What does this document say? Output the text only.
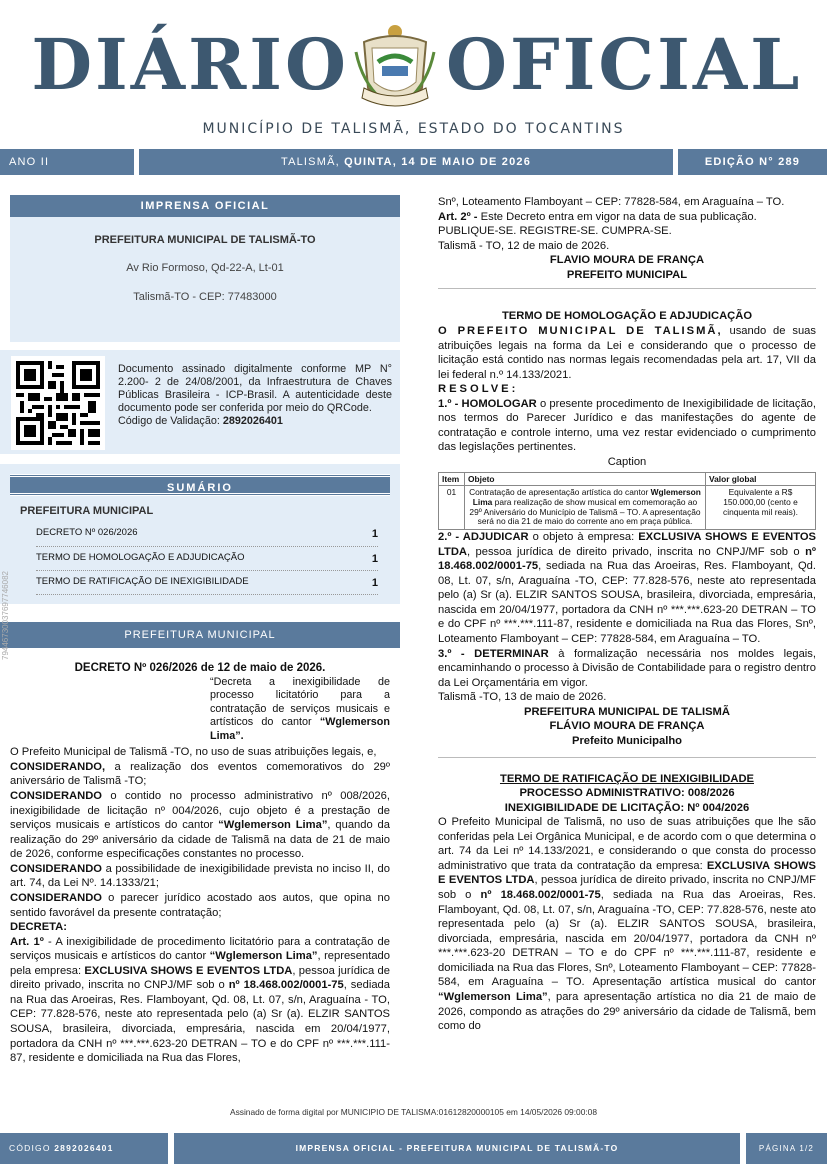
DIÁRIO OFICIAL
MUNICÍPIO DE TALISMÃ, ESTADO DO TOCANTINS
ANO II	TALISMÃ, QUINTA, 14 DE MAIO DE 2026	EDIÇÃO N° 289
IMPRENSA OFICIAL
PREFEITURA MUNICIPAL DE TALISMÃ-TO
Av Rio Formoso, Qd-22-A, Lt-01
Talismã-TO - CEP: 77483000
Documento assinado digitalmente conforme MP N° 2.200- 2 de 24/08/2001, da Infraestrutura de Chaves Públicas Brasileira - ICP-Brasil. A autenticidade deste documento pode ser conferida por meio do QRCode.
Código de Validação: 2892026401
SUMÁRIO
PREFEITURA MUNICIPAL
DECRETO Nº 026/2026	1
TERMO DE HOMOLOGAÇÃO E ADJUDICAÇÃO	1
TERMO DE RATIFICAÇÃO DE INEXIGIBILIDADE	1
PREFEITURA MUNICIPAL
DECRETO Nº 026/2026 de 12 de maio de 2026.
“Decreta a inexigibilidade de processo licitatório para a contratação de serviços musicais e artísticos do cantor “Wglemerson Lima”.

O Prefeito Municipal de Talismã -TO, no uso de suas atribuições legais, e,

CONSIDERANDO, a realização dos eventos comemorativos do 29º aniversário de Talismã -TO;

CONSIDERANDO o contido no processo administrativo nº 008/2026, inexigibilidade de licitação nº 004/2026, cujo objeto é a prestação de serviços musicais e artísticos do cantor “Wglemerson Lima”, quando da realização do 29º aniversário da cidade de Talismã na data de 21 de maio de 2026, conforme especificações constantes no processo.

CONSIDERANDO a possibilidade de inexigibilidade prevista no inciso II, do art. 74, da Lei Nº. 14.1333/21;

CONSIDERANDO o parecer jurídico acostado aos autos, que opina no sentido favorável da presente contratação;

DECRETA:

Art. 1º - A inexigibilidade de procedimento licitatório para a contratação de serviços musicais e artísticos do cantor “Wglemerson Lima”, representado pela empresa: EXCLUSIVA SHOWS E EVENTOS LTDA, pessoa jurídica de direito privado, inscrita no CNPJ/MF sob o nº 18.468.002/0001-75, sediada na Rua das Aroeiras, Res. Flamboyant, Qd. 08, Lt. 07, s/n, Araguaína - TO, CEP: 77.828-576, neste ato representada pelo (a) Sr (a). ELZIR SANTOS SOUSA, brasileira, divorciada, empresária, nascida em 20/04/1977, portadora da CNH nº ***.***.623-20 DETRAN – TO e do CPF nº ***.***.111-87, residente e domiciliada na Rua das Flores,

Snº, Loteamento Flamboyant – CEP: 77828-584, em Araguaína – TO.

Art. 2º - Este Decreto entra em vigor na data de sua publicação.

PUBLIQUE-SE. REGISTRE-SE. CUMPRA-SE.

Talismã - TO, 12 de maio de 2026.

FLAVIO MOURA DE FRANÇA

PREFEITO MUNICIPAL

TERMO DE HOMOLOGAÇÃO E ADJUDICAÇÃO

O PREFEITO MUNICIPAL DE TALISMÃ, usando de suas atribuições legais na forma da Lei e considerando que o processo de licitação está contido nas normas legais recomendadas pela art. 17, VII da lei federal n.º 14.133/2021.

RESOLVE:

1.º - HOMOLOGAR o presente procedimento de Inexigibilidade de licitação, nos termos do Parecer Jurídico e das manifestações do agente de contratação e controle interno, uma vez restar evidenciado o cumprimento das legislações pertinentes.

Caption

Item	Objeto	Valor global
01	Contratação de apresentação artística do cantor Wglemerson Lima para realização de show musical em comemoração ao 29º Aniversário do Município de Talismã – TO. A apresentação será no dia 21 de maio do corrente ano em praça pública.	Equivalente a R$ 150.000,00 (cento e cinquenta mil reais).

2.º - ADJUDICAR o objeto à empresa: EXCLUSIVA SHOWS E EVENTOS LTDA, pessoa jurídica de direito privado, inscrita no CNPJ/MF sob o nº 18.468.002/0001-75, sediada na Rua das Aroeiras, Res. Flamboyant, Qd. 08, Lt. 07, s/n, Araguaína -TO, CEP: 77.828-576, neste ato representada pelo (a) Sr (a). ELZIR SANTOS SOUSA, brasileira, divorciada, empresária, nascida em 20/04/1977, portadora da CNH nº ***.***.623-20 DETRAN – TO e do CPF nº ***.***.111-87, residente e domiciliada na Rua das Flores, Snº, Loteamento Flamboyant – CEP: 77828-584, em Araguaína – TO.

3.º - DETERMINAR à formalização necessária nos moldes legais, encaminhando o processo à Divisão de Contabilidade para o registro dentro da Lei Orçamentária em vigor.

Talismã -TO, 13 de maio de 2026.

PREFEITURA MUNICIPAL DE TALISMÃ

FLÁVIO MOURA DE FRANÇA

Prefeito Municipalho

TERMO DE RATIFICAÇÃO DE INEXIGIBILIDADE

PROCESSO ADMINISTRATIVO: 008/2026

INEXIGIBILIDADE DE LICITAÇÃO: Nº 004/2026

O Prefeito Municipal de Talismã, no uso de suas atribuições que lhe são conferidas pela Lei Orgânica Municipal, e de acordo com o que determina o art. 74 da Lei nº 14.133/2021, e considerando o que consta do processo administrativo que trata da contratação da empresa: EXCLUSIVA SHOWS E EVENTOS LTDA, pessoa jurídica de direito privado, inscrita no CNPJ/MF sob o nº 18.468.002/0001-75, sediada na Rua das Aroeiras, Res. Flamboyant, Qd. 08, Lt. 07, s/n, Araguaína -TO, CEP: 77.828-576, neste ato representada pelo (a) Sr (a). ELZIR SANTOS SOUSA, brasileira, divorciada, empresária, nascida em 20/04/1977, portadora da CNH nº ***.***.623-20 DETRAN – TO e do CPF nº ***.***.111-87, residente e domiciliada na Rua das Flores, Snº, Loteamento Flamboyant – CEP: 77828-584, em Araguaína – TO. Apresentação artística musical do cantor “Wglemerson Lima”, para apresentação artística no dia 21 de maio de 2026, compondo as atrações do 29º aniversário da cidade de Talismã, bem como do

79446730037697746082
Assinado de forma digital por MUNICIPIO DE TALISMA:01612820000105 em 14/05/2026 09:00:08
CÓDIGO 2892026401	IMPRENSA OFICIAL - PREFEITURA MUNICIPAL DE TALISMÃ-TO	PÁGINA 1/2
